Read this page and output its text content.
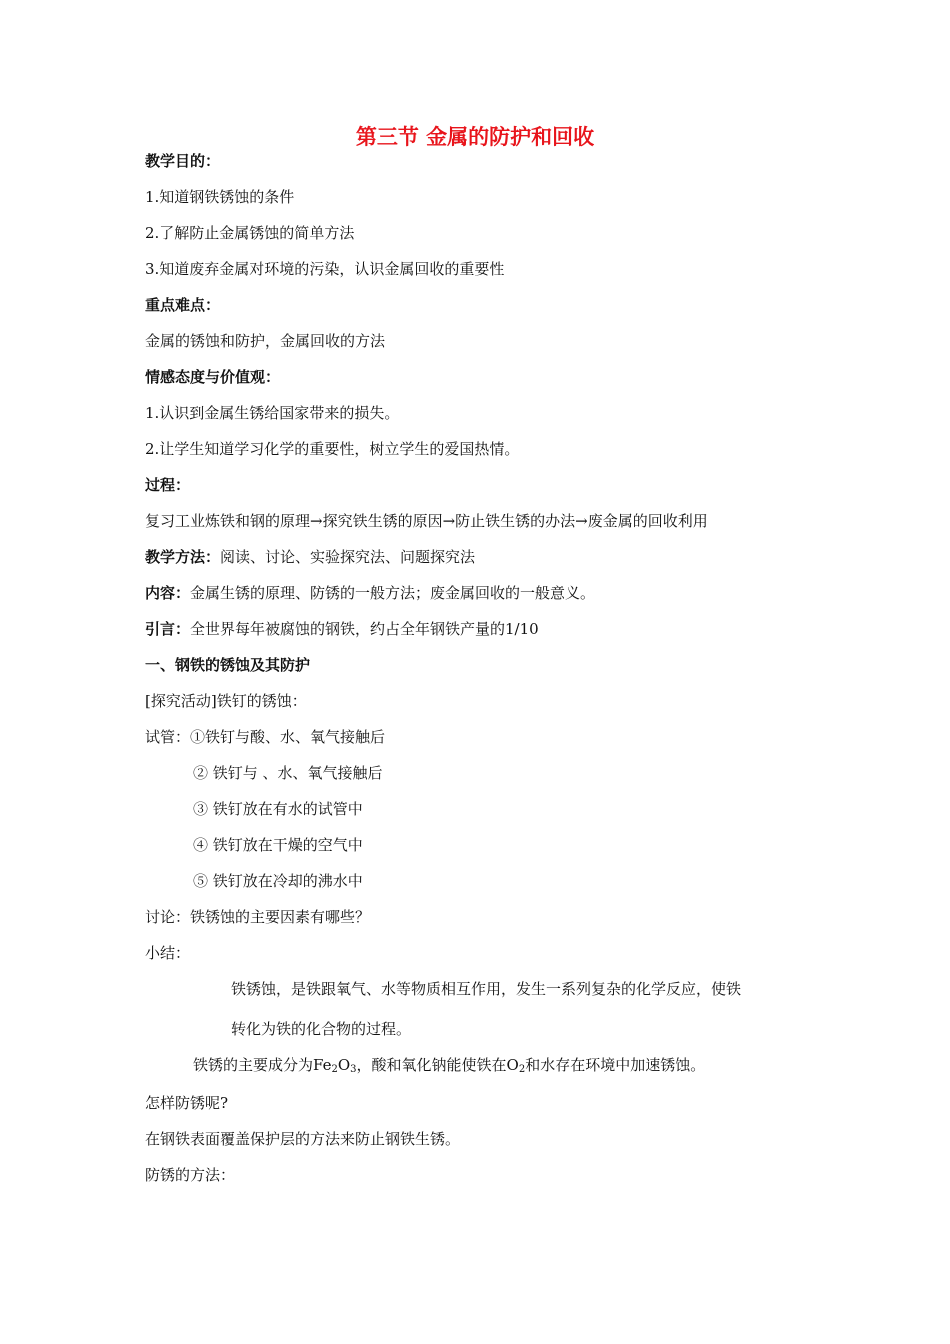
第三节 金属的防护和回收

教学目的：

1.知道钢铁锈蚀的条件

2.了解防止金属锈蚀的简单方法

3.知道废弃金属对环境的污染，认识金属回收的重要性

重点难点：

金属的锈蚀和防护，金属回收的方法

情感态度与价值观：

1.认识到金属生锈给国家带来的损失。

2.让学生知道学习化学的重要性，树立学生的爱国热情。

过程：

复习工业炼铁和钢的原理→探究铁生锈的原因→防止铁生锈的办法→废金属的回收利用

教学方法：阅读、讨论、实验探究法、问题探究法

内容：金属生锈的原理、防锈的一般方法；废金属回收的一般意义。

引言：全世界每年被腐蚀的钢铁，约占全年钢铁产量的1/10

一、钢铁的锈蚀及其防护

[探究活动]铁钉的锈蚀：

试管：①铁钉与酸、水、氧气接触后

② 铁钉与 、水、氧气接触后

③ 铁钉放在有水的试管中

④ 铁钉放在干燥的空气中

⑤ 铁钉放在冷却的沸水中

讨论：铁锈蚀的主要因素有哪些？

小结：

铁锈蚀，是铁跟氧气、水等物质相互作用，发生一系列复杂的化学反应，使铁

转化为铁的化合物的过程。

铁锈的主要成分为$Fe_2O_3$，酸和氧化钠能使铁在$O_2$和水存在环境中加速锈蚀。

怎样防锈呢?

在钢铁表面覆盖保护层的方法来防止钢铁生锈。

防锈的方法：
